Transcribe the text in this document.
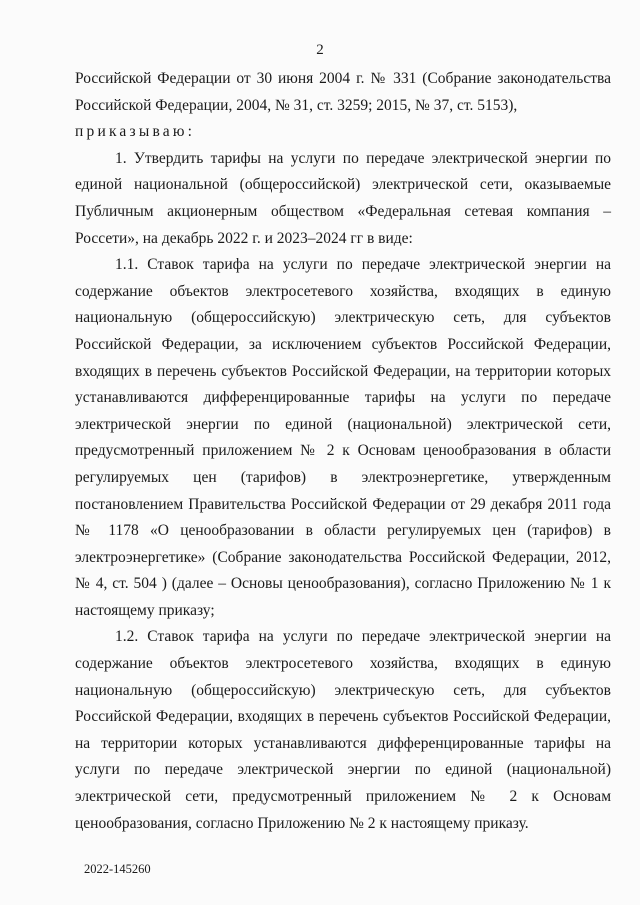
2

Российской Федерации от 30 июня 2004 г. № 331 (Собрание законодательства Российской Федерации, 2004, № 31, ст. 3259; 2015, № 37, ст. 5153),

приказываю:

1. Утвердить тарифы на услуги по передаче электрической энергии по единой национальной (общероссийской) электрической сети, оказываемые Публичным акционерным обществом «Федеральная сетевая компания – Россети», на декабрь 2022 г. и 2023–2024 гг в виде:

1.1. Ставок тарифа на услуги по передаче электрической энергии на содержание объектов электросетевого хозяйства, входящих в единую национальную (общероссийскую) электрическую сеть, для субъектов Российской Федерации, за исключением субъектов Российской Федерации, входящих в перечень субъектов Российской Федерации, на территории которых устанавливаются дифференцированные тарифы на услуги по передаче электрической энергии по единой (национальной) электрической сети, предусмотренный приложением № 2 к Основам ценообразования в области регулируемых цен (тарифов) в электроэнергетике, утвержденным постановлением Правительства Российской Федерации от 29 декабря 2011 года № 1178 «О ценообразовании в области регулируемых цен (тарифов) в электроэнергетике» (Собрание законодательства Российской Федерации, 2012, № 4, ст. 504 ) (далее – Основы ценообразования), согласно Приложению № 1 к настоящему приказу;

1.2. Ставок тарифа на услуги по передаче электрической энергии на содержание объектов электросетевого хозяйства, входящих в единую национальную (общероссийскую) электрическую сеть, для субъектов Российской Федерации, входящих в перечень субъектов Российской Федерации, на территории которых устанавливаются дифференцированные тарифы на услуги по передаче электрической энергии по единой (национальной) электрической сети, предусмотренный приложением № 2 к Основам ценообразования, согласно Приложению № 2 к настоящему приказу.

2022-145260
